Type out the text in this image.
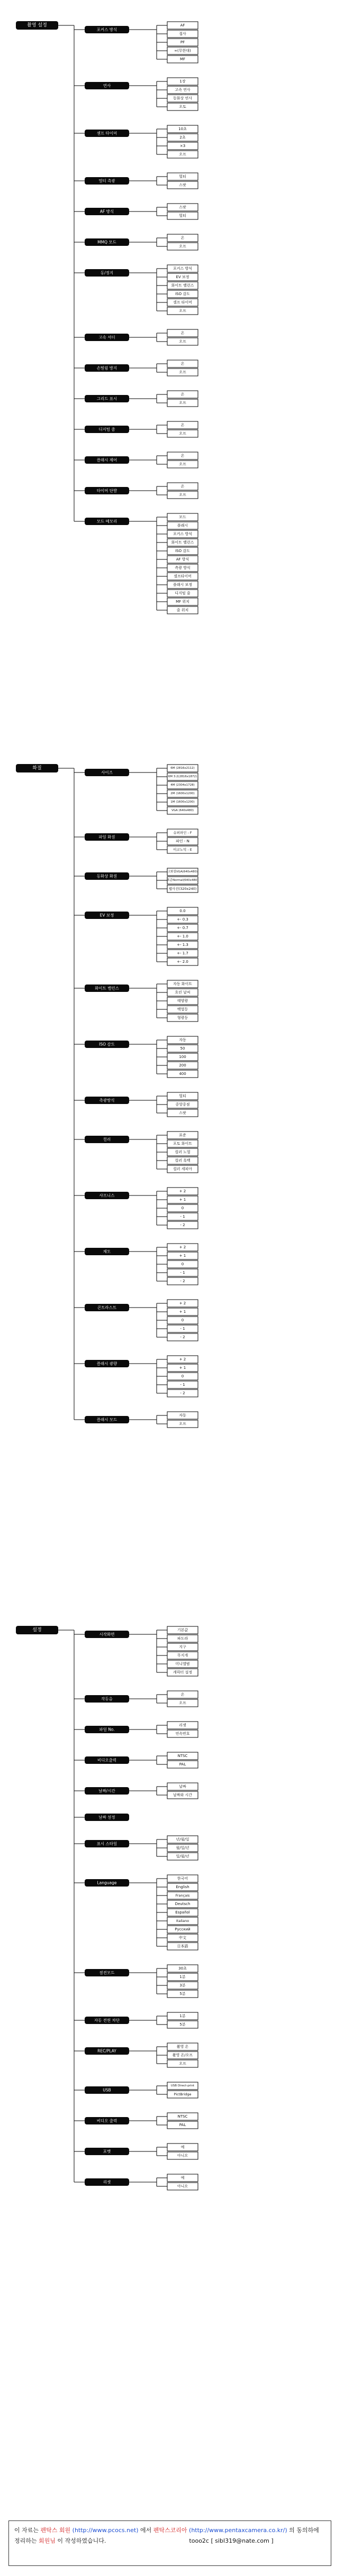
촬영 설정
포커스 방식
AF
접사
PF
∞(무한대)
MF
연사
1장
고속 연사
동화상 연사
오토
셀프 타이머
10초
2초
×3
오프
멀티 측광
멀티
스팟
AF 방식
스팟
멀티
MMQ 모드
온
오프
동/정지
포커스 방식
EV 보정
화이트 밸런스
ISO 감도
셀프 타이머
오프
고속 셔터
온
오프
손떨림 방지
온
오프
그리드 표시
온
오프
디지털 줌
온
오프
플래시 제어
온
오프
타이머 단발
온
오프
모드 메모리
모드
플래시
포커스 방식
화이트 밸런스
ISO 감도
AF 방식
측광 방식
셀프타이머
플래시 보정
디지털 줌
MF 위치
줌 위치
화질
사이즈
6M (2816x2112)
6M 3:2(2816x1872)
4M (2304x1728)
2M (1600x1200)
1M (1600x1200)
VGA (640x480)
파일 화질
슈퍼파인 - F
파인 - N
이코노믹 - E
동화상 화질
고화질VGA(640x480)
표준Normal(640x480)
웹사진(320x240)
EV 보정
0.0
+- 0.3
+- 0.7
+- 1.0
+- 1.3
+- 1.7
+- 2.0
화이트 밸런스
자동 화이트
흐린 날씨
태양광
백열등
형광등
ISO 감도
자동
50
100
200
400
측광방식
멀티
중앙중점
스팟
컬러
표준
포토 화이트
컬러 노멀
컬러 흑백
컬러 세피아
샤프니스
+ 2
+ 1
0
- 1
- 2
채도
+ 2
+ 1
0
- 1
- 2
콘트라스트
+ 2
+ 1
0
- 1
- 2
플래시 광량
+ 2
+ 1
0
- 1
- 2
플래시 모드
자동
오프
설정
시작화면
기본값
파도라
지구
무지개
미니앨범
캐릭터 설정
작동음
온
오프
파일 No.
리셋
연속번호
비디오출력
NTSC
PAL
날짜/시간
날짜
날짜와 시간
날짜 설정
표시 스타일
년/월/일
월/일/년
일/월/년
Language
한국어
English
Français
Deutsch
Español
Italiano
Русский
中文
日本語
절전모드
30초
1분
3분
5분
자동 전원 차단
1분
5분
REC/PLAY
촬영 온
촬영 온/오프
오프
USB
USB Direct-print
PictBridge
비디오 출력
NTSC
PAL
포맷
예
아니오
리셋
예
아니오
이 자료는 펜탁스 회원 (http://www.pcocs.net) 에서 펜탁스코리아 (http://www.pentaxcamera.co.kr/) 의 동의하에
정리하는 회원님 이 작성하였습니다.	tooo2c [ sibl319@nate.com ]
